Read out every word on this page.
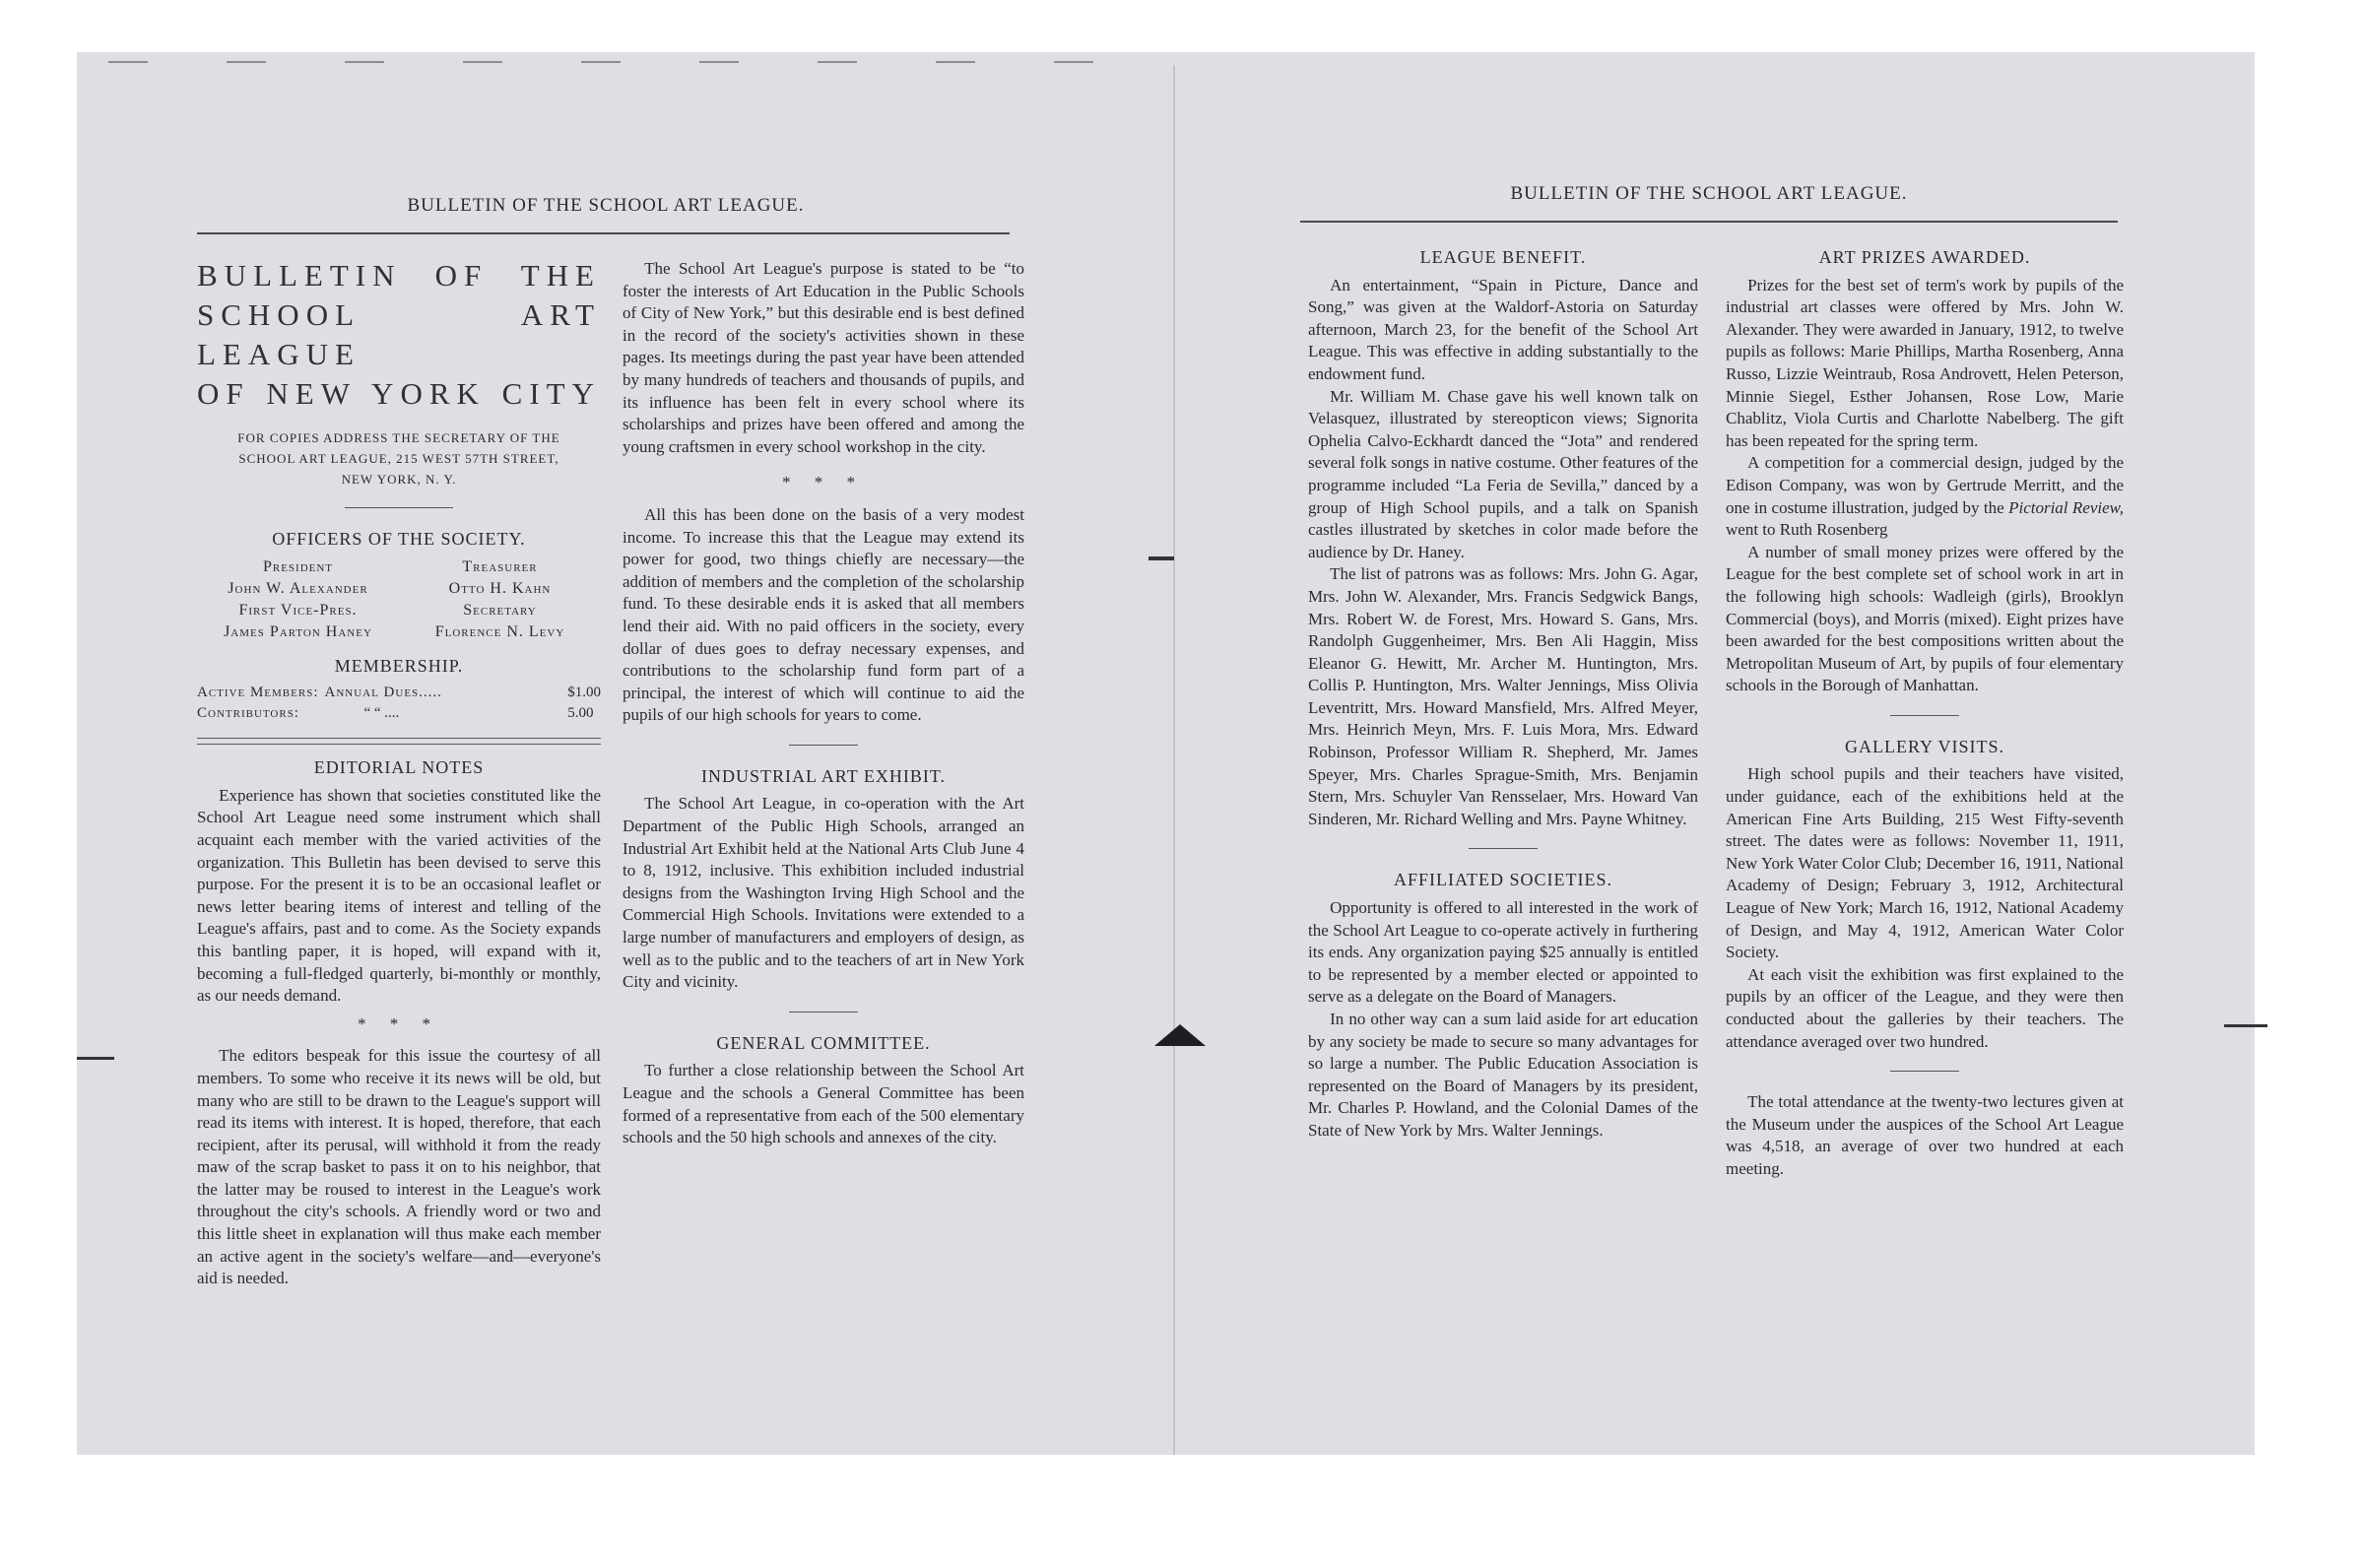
BULLETIN OF THE SCHOOL ART LEAGUE.
BULLETIN OF THE
SCHOOL ART LEAGUE
OF NEW YORK CITY
FOR COPIES ADDRESS THE SECRETARY OF THE
SCHOOL ART LEAGUE, 215 WEST 57TH STREET,
NEW YORK, N. Y.
OFFICERS OF THE SOCIETY.
President	Treasurer
John W. Alexander	Otto H. Kahn
First Vice-Pres.	Secretary
James Parton Haney	Florence N. Levy
MEMBERSHIP.
Active Members: Annual Dues.....	$1.00
Contributors:	“ “ ....	5.00
EDITORIAL NOTES

Experience has shown that societies constituted like the School Art League need some instrument which shall acquaint each member with the varied activities of the organization. This Bulletin has been devised to serve this purpose. For the present it is to be an occasional leaflet or news letter bearing items of interest and telling of the League's affairs, past and to come. As the Society expands this bantling paper, it is hoped, will expand with it, becoming a full-fledged quarterly, bi-monthly or monthly, as our needs demand.

* * *

The editors bespeak for this issue the courtesy of all members. To some who receive it its news will be old, but many who are still to be drawn to the League's support will read its items with interest. It is hoped, therefore, that each recipient, after its perusal, will withhold it from the ready maw of the scrap basket to pass it on to his neighbor, that the latter may be roused to interest in the League's work throughout the city's schools. A friendly word or two and this little sheet in explanation will thus make each member an active agent in the society's welfare—and—everyone's aid is needed.

The School Art League's purpose is stated to be “to foster the interests of Art Education in the Public Schools of City of New York,” but this desirable end is best defined in the record of the society's activities shown in these pages. Its meetings during the past year have been attended by many hundreds of teachers and thousands of pupils, and its influence has been felt in every school where its scholarships and prizes have been offered and among the young craftsmen in every school workshop in the city.

* * *

All this has been done on the basis of a very modest income. To increase this that the League may extend its power for good, two things chiefly are necessary—the addition of members and the completion of the scholarship fund. To these desirable ends it is asked that all members lend their aid. With no paid officers in the society, every dollar of dues goes to defray necessary expenses, and contributions to the scholarship fund form part of a principal, the interest of which will continue to aid the pupils of our high schools for years to come.

INDUSTRIAL ART EXHIBIT.

The School Art League, in co-operation with the Art Department of the Public High Schools, arranged an Industrial Art Exhibit held at the National Arts Club June 4 to 8, 1912, inclusive. This exhibition included industrial designs from the Washington Irving High School and the Commercial High Schools. Invitations were extended to a large number of manufacturers and employers of design, as well as to the public and to the teachers of art in New York City and vicinity.

GENERAL COMMITTEE.

To further a close relationship between the School Art League and the schools a General Committee has been formed of a representative from each of the 500 elementary schools and the 50 high schools and annexes of the city.

BULLETIN OF THE SCHOOL ART LEAGUE.
LEAGUE BENEFIT.

An entertainment, “Spain in Picture, Dance and Song,” was given at the Waldorf-Astoria on Saturday afternoon, March 23, for the benefit of the School Art League. This was effective in adding substantially to the endowment fund.

Mr. William M. Chase gave his well known talk on Velasquez, illustrated by stereopticon views; Signorita Ophelia Calvo-Eckhardt danced the “Jota” and rendered several folk songs in native costume. Other features of the programme included “La Feria de Sevilla,” danced by a group of High School pupils, and a talk on Spanish castles illustrated by sketches in color made before the audience by Dr. Haney.

The list of patrons was as follows: Mrs. John G. Agar, Mrs. John W. Alexander, Mrs. Francis Sedgwick Bangs, Mrs. Robert W. de Forest, Mrs. Howard S. Gans, Mrs. Randolph Guggenheimer, Mrs. Ben Ali Haggin, Miss Eleanor G. Hewitt, Mr. Archer M. Huntington, Mrs. Collis P. Huntington, Mrs. Walter Jennings, Miss Olivia Leventritt, Mrs. Howard Mansfield, Mrs. Alfred Meyer, Mrs. Heinrich Meyn, Mrs. F. Luis Mora, Mrs. Edward Robinson, Professor William R. Shepherd, Mr. James Speyer, Mrs. Charles Sprague-Smith, Mrs. Benjamin Stern, Mrs. Schuyler Van Rensselaer, Mrs. Howard Van Sinderen, Mr. Richard Welling and Mrs. Payne Whitney.

AFFILIATED SOCIETIES.

Opportunity is offered to all interested in the work of the School Art League to co-operate actively in furthering its ends. Any organization paying $25 annually is entitled to be represented by a member elected or appointed to serve as a delegate on the Board of Managers.

In no other way can a sum laid aside for art education by any society be made to secure so many advantages for so large a number. The Public Education Association is represented on the Board of Managers by its president, Mr. Charles P. Howland, and the Colonial Dames of the State of New York by Mrs. Walter Jennings.

ART PRIZES AWARDED.

Prizes for the best set of term's work by pupils of the industrial art classes were offered by Mrs. John W. Alexander. They were awarded in January, 1912, to twelve pupils as follows: Marie Phillips, Martha Rosenberg, Anna Russo, Lizzie Weintraub, Rosa Androvett, Helen Peterson, Minnie Siegel, Esther Johansen, Rose Low, Marie Chablitz, Viola Curtis and Charlotte Nabelberg. The gift has been repeated for the spring term.

A competition for a commercial design, judged by the Edison Company, was won by Gertrude Merritt, and the one in costume illustration, judged by the Pictorial Review, went to Ruth Rosenberg

A number of small money prizes were offered by the League for the best complete set of school work in art in the following high schools: Wadleigh (girls), Brooklyn Commercial (boys), and Morris (mixed). Eight prizes have been awarded for the best compositions written about the Metropolitan Museum of Art, by pupils of four elementary schools in the Borough of Manhattan.

GALLERY VISITS.

High school pupils and their teachers have visited, under guidance, each of the exhibitions held at the American Fine Arts Building, 215 West Fifty-seventh street. The dates were as follows: November 11, 1911, New York Water Color Club; December 16, 1911, National Academy of Design; February 3, 1912, Architectural League of New York; March 16, 1912, National Academy of Design, and May 4, 1912, American Water Color Society.

At each visit the exhibition was first explained to the pupils by an officer of the League, and they were then conducted about the galleries by their teachers. The attendance averaged over two hundred.

The total attendance at the twenty-two lectures given at the Museum under the auspices of the School Art League was 4,518, an average of over two hundred at each meeting.
